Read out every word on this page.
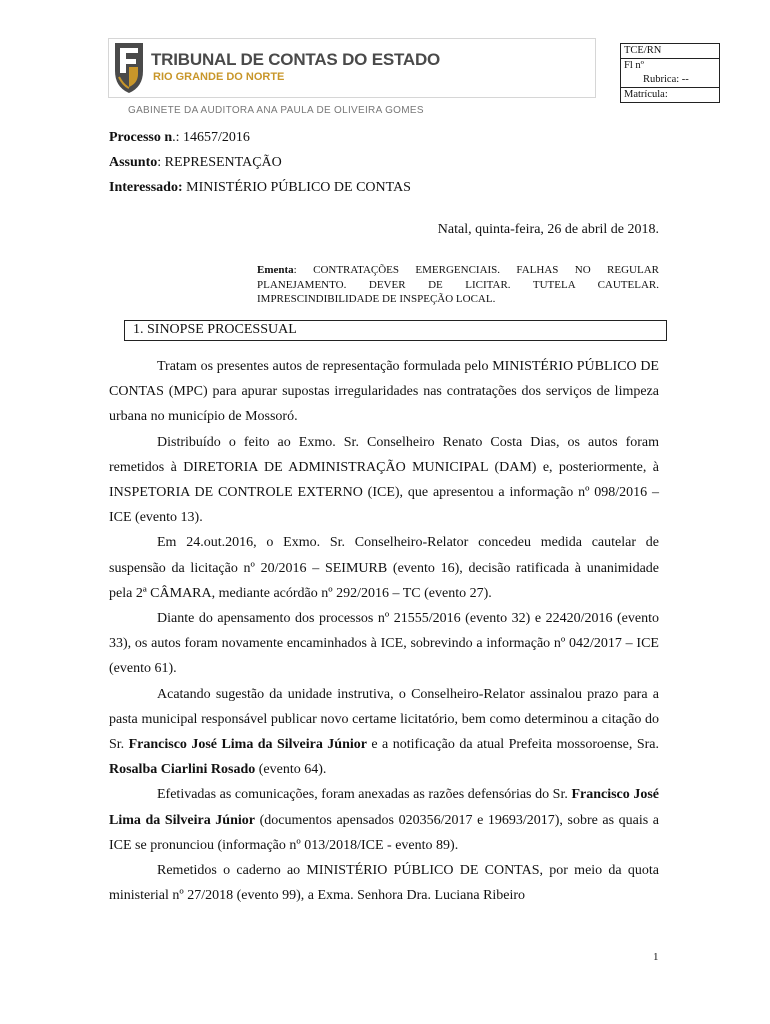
TRIBUNAL DE CONTAS DO ESTADO
RIO GRANDE DO NORTE
TCE/RN
Fl nº
Rubrica: --
Matrícula:
GABINETE DA AUDITORA ANA PAULA DE OLIVEIRA GOMES
Processo n.: 14657/2016
Assunto: REPRESENTAÇÃO
Interessado: MINISTÉRIO PÚBLICO DE CONTAS
Natal, quinta-feira, 26 de abril de 2018.
Ementa: CONTRATAÇÕES EMERGENCIAIS. FALHAS NO REGULAR PLANEJAMENTO. DEVER DE LICITAR. TUTELA CAUTELAR. IMPRESCINDIBILIDADE DE INSPEÇÃO LOCAL.
1. SINOPSE PROCESSUAL

Tratam os presentes autos de representação formulada pelo MINISTÉRIO PÚBLICO DE CONTAS (MPC) para apurar supostas irregularidades nas contratações dos serviços de limpeza urbana no município de Mossoró.

Distribuído o feito ao Exmo. Sr. Conselheiro Renato Costa Dias, os autos foram remetidos à DIRETORIA DE ADMINISTRAÇÃO MUNICIPAL (DAM) e, posteriormente, à INSPETORIA DE CONTROLE EXTERNO (ICE), que apresentou a informação nº 098/2016 – ICE (evento 13).

Em 24.out.2016, o Exmo. Sr. Conselheiro-Relator concedeu medida cautelar de suspensão da licitação nº 20/2016 – SEIMURB (evento 16), decisão ratificada à unanimidade pela 2ª CÂMARA, mediante acórdão nº 292/2016 – TC (evento 27).

Diante do apensamento dos processos nº 21555/2016 (evento 32) e 22420/2016 (evento 33), os autos foram novamente encaminhados à ICE, sobrevindo a informação nº 042/2017 – ICE (evento 61).

Acatando sugestão da unidade instrutiva, o Conselheiro-Relator assinalou prazo para a pasta municipal responsável publicar novo certame licitatório, bem como determinou a citação do Sr. Francisco José Lima da Silveira Júnior e a notificação da atual Prefeita mossoroense, Sra. Rosalba Ciarlini Rosado (evento 64).

Efetivadas as comunicações, foram anexadas as razões defensórias do Sr. Francisco José Lima da Silveira Júnior (documentos apensados 020356/2017 e 19693/2017), sobre as quais a ICE se pronunciou (informação nº 013/2018/ICE - evento 89).

Remetidos o caderno ao MINISTÉRIO PÚBLICO DE CONTAS, por meio da quota ministerial nº 27/2018 (evento 99), a Exma. Senhora Dra. Luciana Ribeiro

1
